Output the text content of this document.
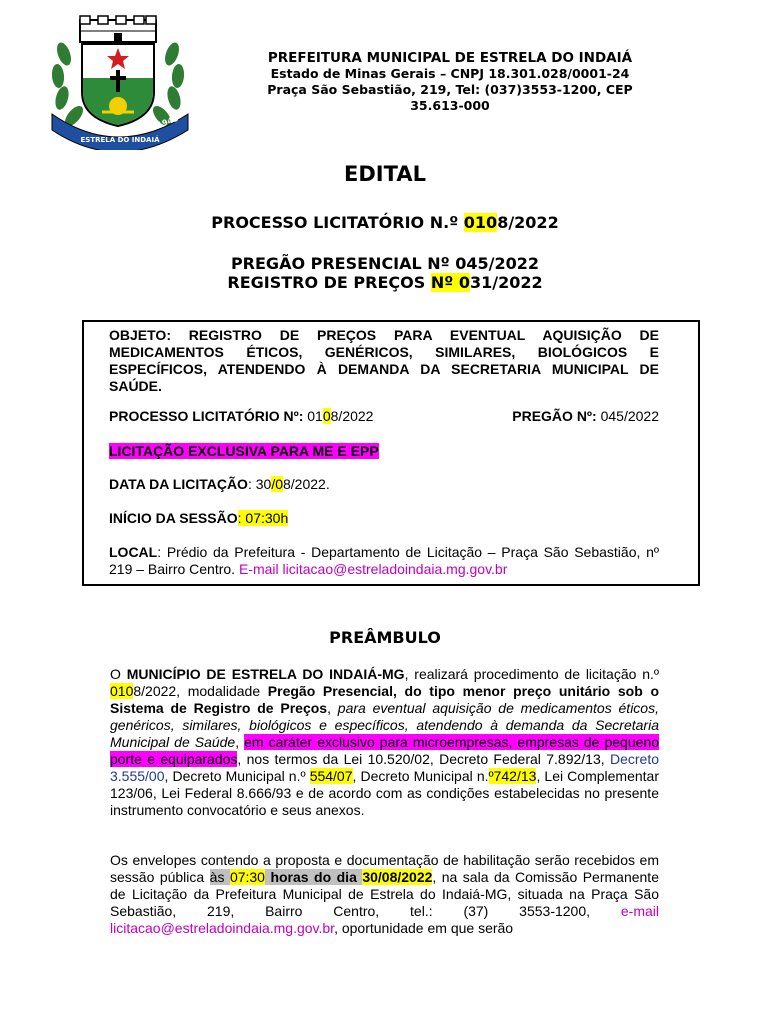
27-12
ESTRELA DO INDAIÁ
1943
PREFEITURA MUNICIPAL DE ESTRELA DO INDAIÁ
Estado de Minas Gerais – CNPJ 18.301.028/0001-24
Praça São Sebastião, 219, Tel: (037)3553-1200, CEP
35.613-000
EDITAL
PROCESSO LICITATÓRIO N.º 0108/2022
PREGÃO PRESENCIAL Nº 045/2022
REGISTRO DE PREÇOS Nº 031/2022
OBJETO: REGISTRO DE PREÇOS PARA EVENTUAL AQUISIÇÃO DE MEDICAMENTOS ÉTICOS, GENÉRICOS, SIMILARES, BIOLÓGICOS E ESPECÍFICOS, ATENDENDO À DEMANDA DA SECRETARIA MUNICIPAL DE SAÚDE.
PROCESSO LICITATÓRIO Nº: 0108/2022	PREGÃO Nº: 045/2022
LICITAÇÃO EXCLUSIVA PARA ME E EPP
DATA DA LICITAÇÃO: 30/08/2022.
INÍCIO DA SESSÃO: 07:30h
LOCAL: Prédio da Prefeitura - Departamento de Licitação – Praça São Sebastião, nº 219 – Bairro Centro. E-mail licitacao@estreladoindaia.mg.gov.br
PREÂMBULO
O MUNICÍPIO DE ESTRELA DO INDAIÁ-MG, realizará procedimento de licitação n.º 0108/2022, modalidade Pregão Presencial, do tipo menor preço unitário sob o Sistema de Registro de Preços, para eventual aquisição de medicamentos éticos, genéricos, similares, biológicos e específicos, atendendo à demanda da Secretaria Municipal de Saúde, em caráter exclusivo para microempresas, empresas de pequeno porte e equiparados, nos termos da Lei 10.520/02, Decreto Federal 7.892/13, Decreto 3.555/00, Decreto Municipal n.º 554/07, Decreto Municipal n.º742/13, Lei Complementar 123/06, Lei Federal 8.666/93 e de acordo com as condições estabelecidas no presente instrumento convocatório e seus anexos.
Os envelopes contendo a proposta e documentação de habilitação serão recebidos em sessão pública às 07:30 horas do dia 30/08/2022, na sala da Comissão Permanente de Licitação da Prefeitura Municipal de Estrela do Indaiá-MG, situada na Praça São Sebastião, 219, Bairro Centro, tel.: (37) 3553-1200, e-mail licitacao@estreladoindaia.mg.gov.br, oportunidade em que serão
